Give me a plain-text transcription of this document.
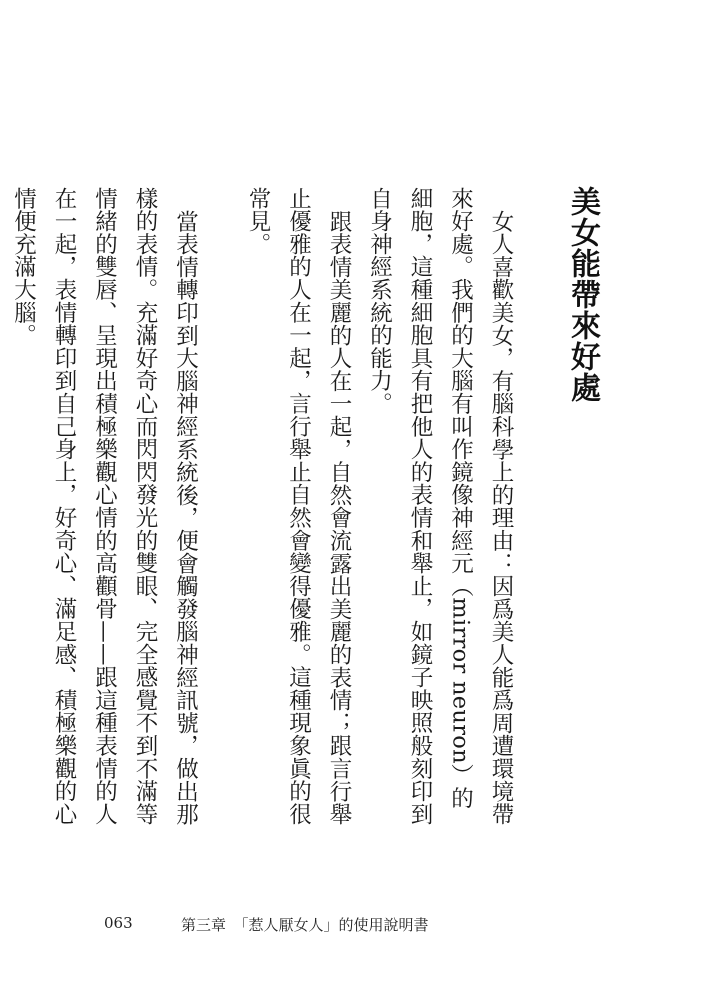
美女能帶來好處

女人喜歡美女，有腦科學上的理由：因爲美人能爲周遭環境帶來好處。我們的大腦有叫作鏡像神經元（mirror neuron）的細胞，這種細胞具有把他人的表情和舉止，如鏡子映照般刻印到自身神經系統的能力。

跟表情美麗的人在一起，自然會流露出美麗的表情；跟言行舉止優雅的人在一起，言行舉止自然會變得優雅。這種現象眞的很常見。

當表情轉印到大腦神經系統後，便會觸發腦神經訊號，做出那樣的表情。充滿好奇心而閃閃發光的雙眼、完全感覺不到不滿等情緒的雙唇、呈現出積極樂觀心情的高顴骨——跟這種表情的人在一起，表情轉印到自己身上，好奇心、滿足感、積極樂觀的心情便充滿大腦。

063	第三章　「惹人厭女人」的使用說明書
